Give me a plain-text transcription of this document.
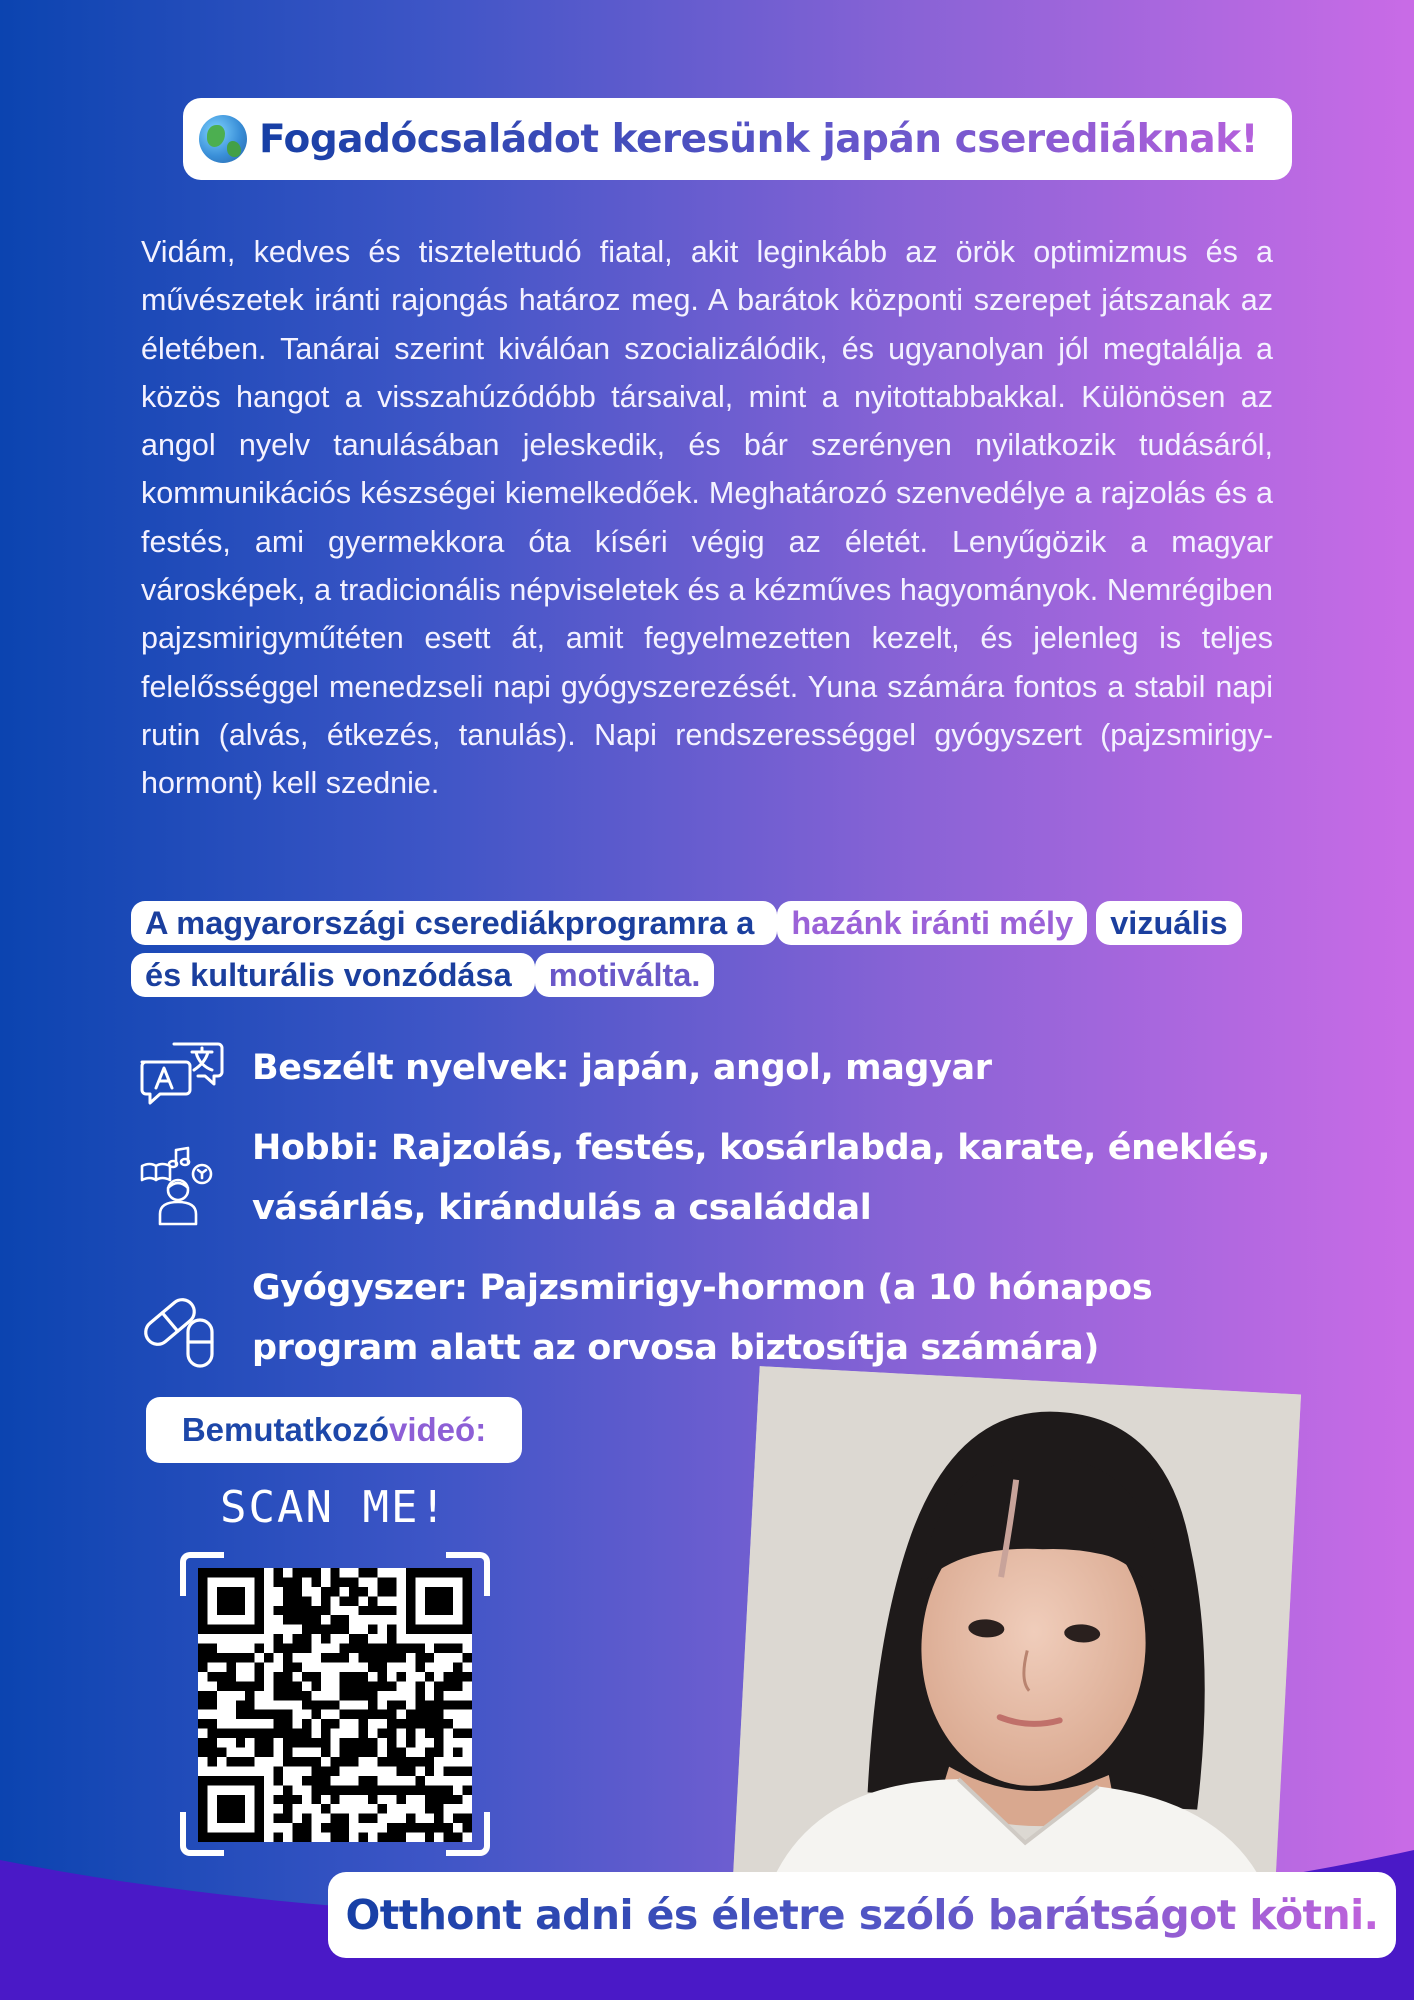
Fogadócsaládot keresünk japán cserediáknak!

Vidám, kedves és tisztelettudó fiatal, akit leginkább az örök optimizmus és a művészetek iránti rajongás határoz meg. A barátok központi szerepet játszanak az életében. Tanárai szerint kiválóan szocializálódik, és ugyanolyan jól megtalálja a közös hangot a visszahúzódóbb társaival, mint a nyitottabbakkal. Különösen az angol nyelv tanulásában jeleskedik, és bár szerényen nyilatkozik tudásáról, kommunikációs készségei kiemelkedőek. Meghatározó szenvedélye a rajzolás és a festés, ami gyermekkora óta kíséri végig az életét. Lenyűgözik a magyar városképek, a tradicionális népviseletek és a kézműves hagyományok. Nemrégiben pajzsmirigyműtéten esett át, amit fegyelmezetten kezelt, és jelenleg is teljes felelősséggel menedzseli napi gyógyszerezését. Yuna számára fontos a stabil napi rutin (alvás, étkezés, tanulás). Napi rendszerességgel gyógyszert (pajzsmirigy-hormont) kell szednie.

A magyarországi cserediákprogramra a hazánk iránti mély vizuális és kulturális vonzódása motiválta.

Beszélt nyelvek: japán, angol, magyar
Hobbi: Rajzolás, festés, kosárlabda, karate, éneklés, vásárlás, kirándulás a családdal
Gyógyszer: Pajzsmirigy-hormon (a 10 hónapos program alatt az orvosa biztosítja számára)
Bemutatkozó videó:
SCAN ME!
Otthont adni és életre szóló barátságot kötni.
